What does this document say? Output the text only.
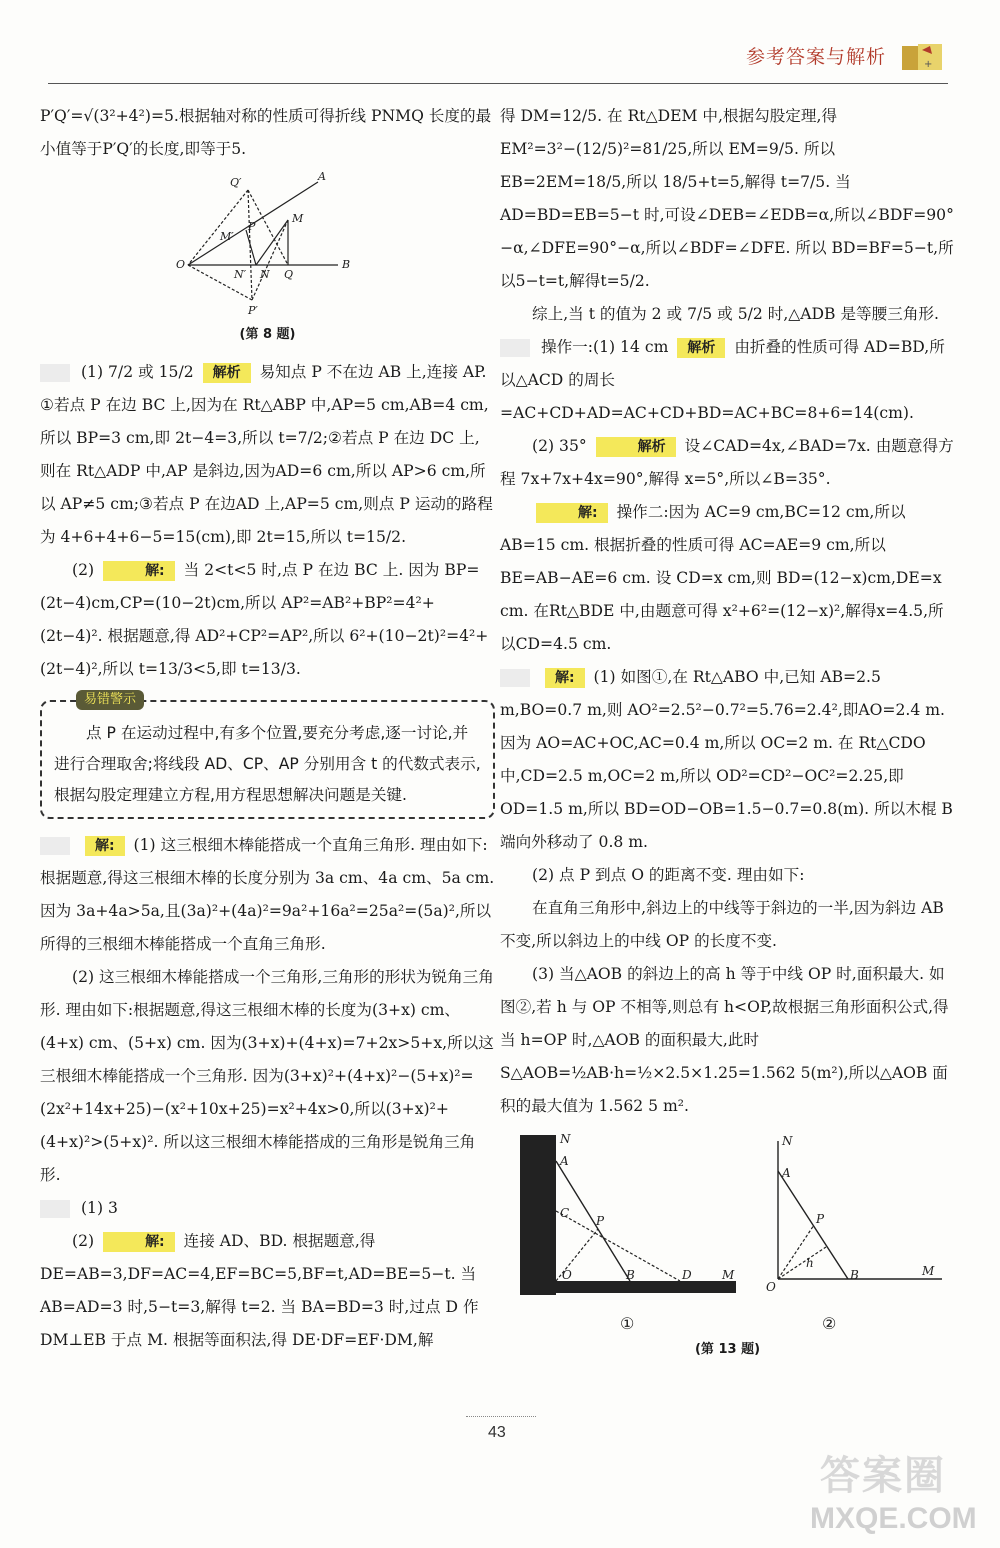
参考答案与解析	+

P′Q′=√(3²+4²)=5.根据轴对称的性质可得折线 PNMQ 长度的最小值等于P′Q′的长度,即等于5.

Q′	A
O	B
M
M′
P
N′ N Q
P′
(第 8 题)

(1) 7/2 或 15/2 解析 易知点 P 不在边 AB 上,连接 AP. ①若点 P 在边 BC 上,因为在 Rt△ABP 中,AP=5 cm,AB=4 cm,所以 BP=3 cm,即 2t−4=3,所以 t=7/2;②若点 P 在边 DC 上,则在 Rt△ADP 中,AP 是斜边,因为AD=6 cm,所以 AP>6 cm,所以 AP≠5 cm;③若点 P 在边AD 上,AP=5 cm,则点 P 运动的路程为 4+6+4+6−5=15(cm),即 2t=15,所以 t=15/2.

(2)	解: 当 2<t<5 时,点 P 在边 BC 上. 因为 BP=(2t−4)cm,CP=(10−2t)cm,所以 AP²=AB²+BP²=4²+(2t−4)². 根据题意,得 AD²+CP²=AP²,所以 6²+(10−2t)²=4²+(2t−4)²,所以 t=13/3<5,即 t=13/3.

易错警示

点 P 在运动过程中,有多个位置,要充分考虑,逐一讨论,并进行合理取舍;将线段 AD、CP、AP 分别用含 t 的代数式表示,根据勾股定理建立方程,用方程思想解决问题是关键.

解: (1) 这三根细木棒能搭成一个直角三角形. 理由如下:根据题意,得这三根细木棒的长度分别为 3a cm、4a cm、5a cm. 因为 3a+4a>5a,且(3a)²+(4a)²=9a²+16a²=25a²=(5a)²,所以所得的三根细木棒能搭成一个直角三角形.

(2) 这三根细木棒能搭成一个三角形,三角形的形状为锐角三角形. 理由如下:根据题意,得这三根细木棒的长度为(3+x) cm、(4+x) cm、(5+x) cm. 因为(3+x)+(4+x)=7+2x>5+x,所以这三根细木棒能搭成一个三角形. 因为(3+x)²+(4+x)²−(5+x)²=(2x²+14x+25)−(x²+10x+25)=x²+4x>0,所以(3+x)²+(4+x)²>(5+x)². 所以这三根细木棒能搭成的三角形是锐角三角形.

(1) 3

(2)	解: 连接 AD、BD. 根据题意,得 DE=AB=3,DF=AC=4,EF=BC=5,BF=t,AD=BE=5−t. 当 AB=AD=3 时,5−t=3,解得 t=2. 当 BA=BD=3 时,过点 D 作 DM⊥EB 于点 M. 根据等面积法,得 DE·DF=EF·DM,解

得 DM=12/5. 在 Rt△DEM 中,根据勾股定理,得 EM²=3²−(12/5)²=81/25,所以 EM=9/5. 所以 EB=2EM=18/5,所以 18/5+t=5,解得 t=7/5. 当 AD=BD=EB=5−t 时,可设∠DEB=∠EDB=α,所以∠BDF=90°−α,∠DFE=90°−α,所以∠BDF=∠DFE. 所以 BD=BF=5−t,所以5−t=t,解得t=5/2.

综上,当 t 的值为 2 或 7/5 或 5/2 时,△ADB 是等腰三角形.

操作一:(1) 14 cm 解析 由折叠的性质可得 AD=BD,所以△ACD 的周长=AC+CD+AD=AC+CD+BD=AC+BC=8+6=14(cm).

(2) 35°	解析 设∠CAD=4x,∠BAD=7x. 由题意得方程 7x+7x+4x=90°,解得 x=5°,所以∠B=35°.

解: 操作二:因为 AC=9 cm,BC=12 cm,所以 AB=15 cm. 根据折叠的性质可得 AC=AE=9 cm,所以 BE=AB−AE=6 cm. 设 CD=x cm,则 BD=(12−x)cm,DE=x cm. 在Rt△BDE 中,由题意可得 x²+6²=(12−x)²,解得x=4.5,所以CD=4.5 cm.

解: (1) 如图①,在 Rt△ABO 中,已知 AB=2.5 m,BO=0.7 m,则 AO²=2.5²−0.7²=5.76=2.4²,即AO=2.4 m. 因为 AO=AC+OC,AC=0.4 m,所以 OC=2 m. 在 Rt△CDO 中,CD=2.5 m,OC=2 m,所以 OD²=CD²−OC²=2.25,即OD=1.5 m,所以 BD=OD−OB=1.5−0.7=0.8(m). 所以木棍 B 端向外移动了 0.8 m.

(2) 点 P 到点 O 的距离不变. 理由如下:

在直角三角形中,斜边上的中线等于斜边的一半,因为斜边 AB 不变,所以斜边上的中线 OP 的长度不变.

(3) 当△AOB 的斜边上的高 h 等于中线 OP 时,面积最大. 如图②,若 h 与 OP 不相等,则总有 h<OP,故根据三角形面积公式,得当 h=OP 时,△AOB 的面积最大,此时 S△AOB=½AB·h=½×2.5×1.25=1.562 5(m²),所以△AOB 面积的最大值为 1.562 5 m².

N
A
C
P
O	B	D	M
N
A
P
h
O
B	M
①	②
(第 13 题)
43
答案圈
MXQE.COM
